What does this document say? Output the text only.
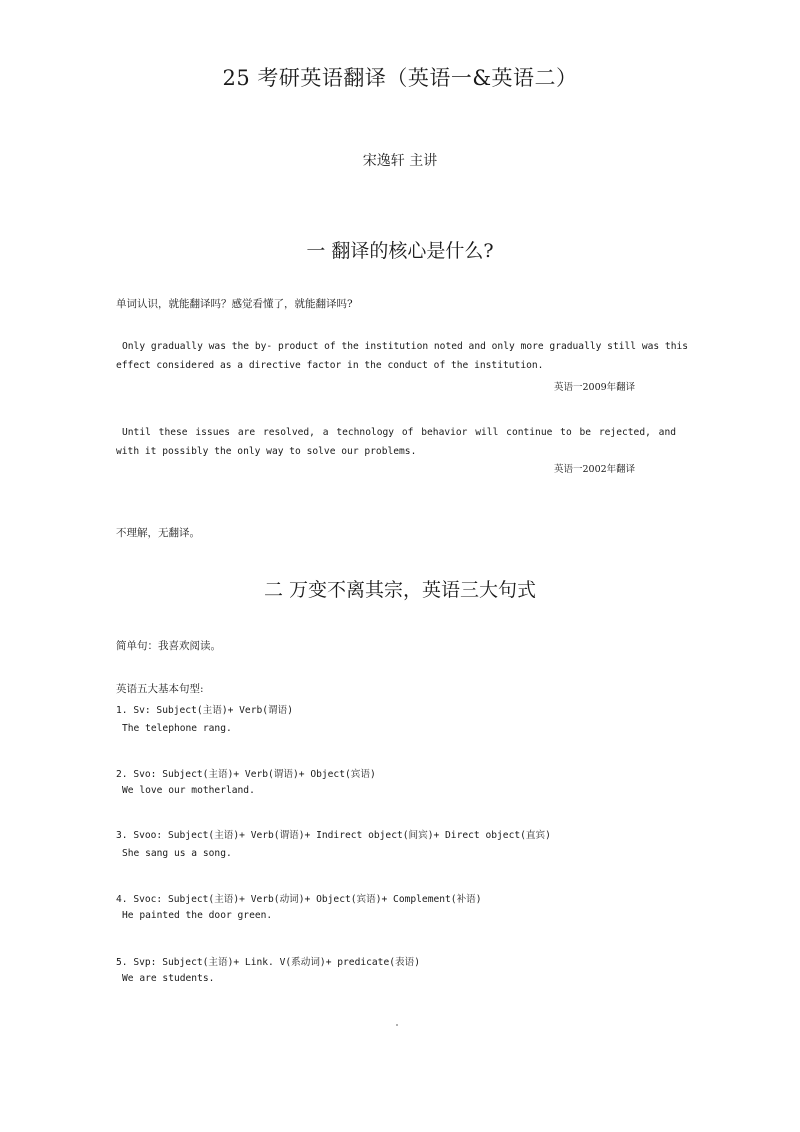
25 考研英语翻译（英语一&英语二）
宋逸轩 主讲
一 翻译的核心是什么?
单词认识，就能翻译吗？感觉看懂了，就能翻译吗?
Only gradually was the by- product of the institution noted and only more gradually still was this
effect considered as a directive factor in the conduct of the institution.
英语一2009年翻译
Until these issues are resolved, a technology of behavior will continue to be rejected, and with it possibly the only way to solve our problems.
英语一2002年翻译
不理解，无翻译。
二 万变不离其宗，英语三大句式
简单句：我喜欢阅读。
英语五大基本句型:
1. Sv: Subject(主语)+ Verb(谓语)
The telephone rang.
2. Svo: Subject(主语)+ Verb(谓语)+ Object(宾语)
We love our motherland.
3. Svoo: Subject(主语)+ Verb(谓语)+ Indirect object(间宾)+ Direct object(直宾)
She sang us a song.
4. Svoc: Subject(主语)+ Verb(动词)+ Object(宾语)+ Complement(补语)
He painted the door green.
5. Svp: Subject(主语)+ Link. V(系动词)+ predicate(表语)
We are students.
